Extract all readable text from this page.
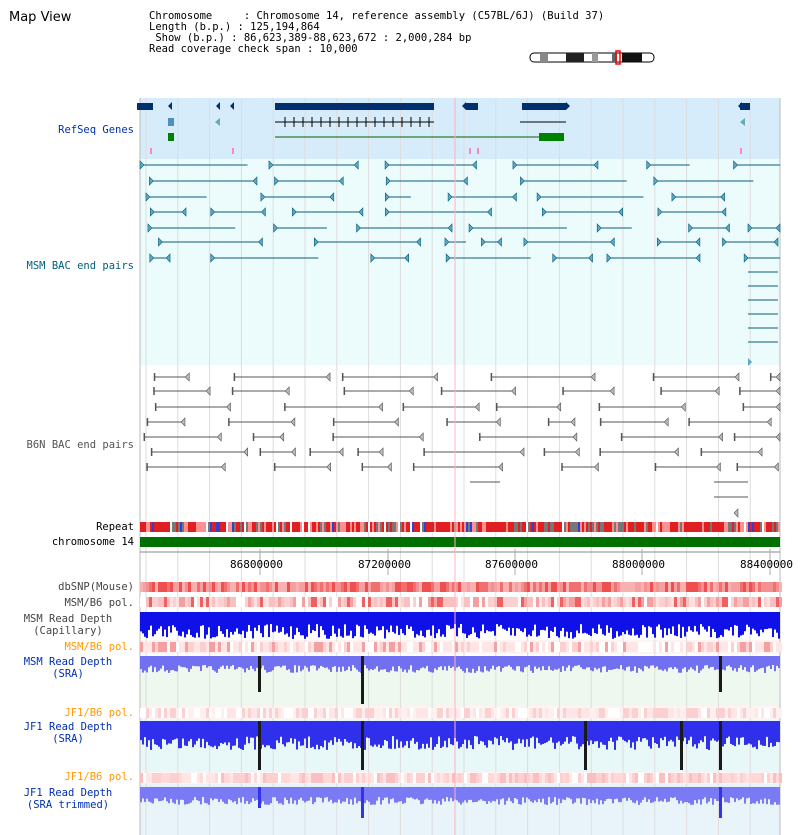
Map View	Chromosome     : Chromosome 14, reference assembly (C57BL/6J) (Build 37)
Length (b.p.) : 125,194,864
Show (b.p.) : 86,623,389-88,623,672 : 2,000,284 bp
Read coverage check span : 10,000
86800000	87200000	87600000	88000000	88400000
RefSeq Genes
MSM BAC end pairs
B6N BAC end pairs
Repeat
chromosome 14
dbSNP(Mouse)
MSM/B6 pol.
MSM Read Depth
(Capillary)
MSM/B6 pol.
MSM Read Depth
(SRA)
JF1/B6 pol.
JF1 Read Depth
(SRA)
JF1/B6 pol.
JF1 Read Depth
(SRA trimmed)
